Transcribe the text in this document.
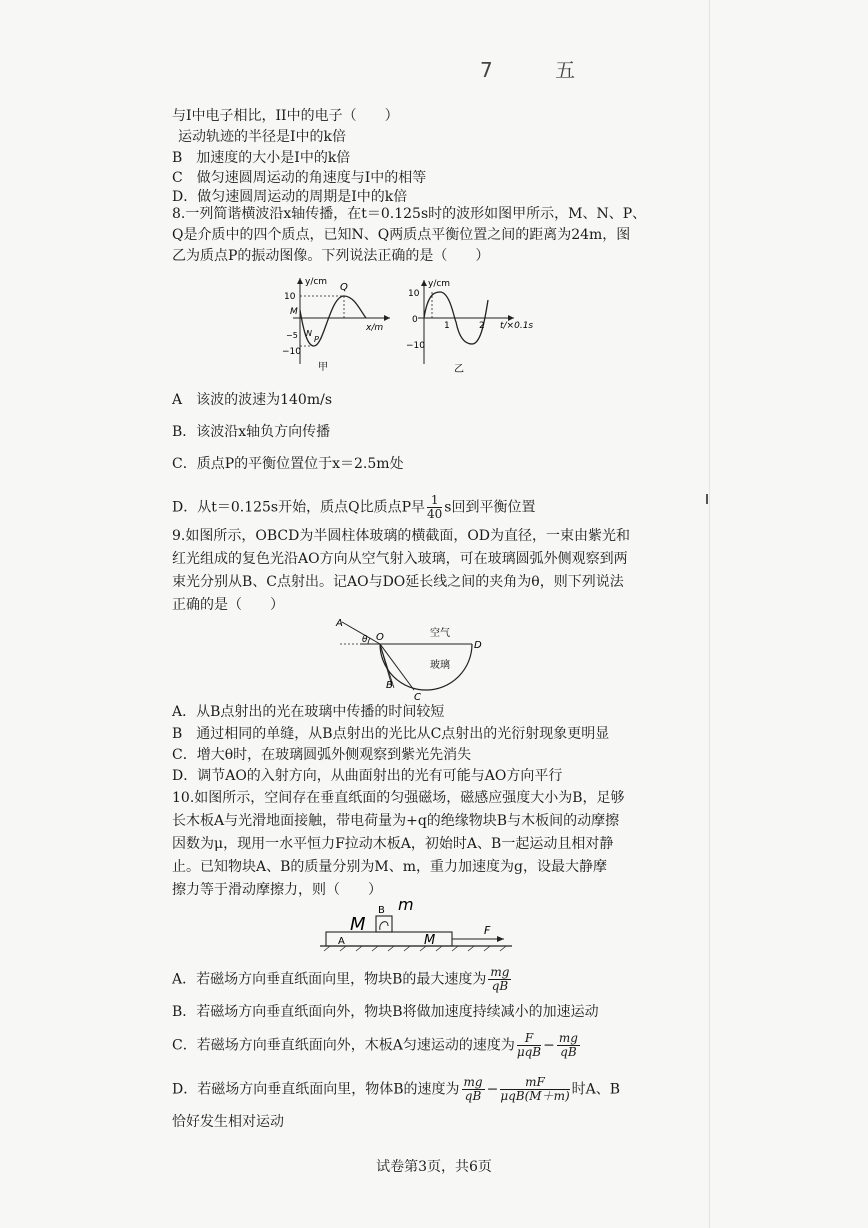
7 五
与I中电子相比，II中的电子（　　）
运动轨迹的半径是I中的k倍
B　加速度的大小是I中的k倍
C　做匀速圆周运动的角速度与I中的相等
D．做匀速圆周运动的周期是I中的k倍
8.一列简谐横波沿x轴传播，在t＝0.125s时的波形如图甲所示，M、N、P、
Q是介质中的四个质点，已知N、Q两质点平衡位置之间的距离为24m，图
乙为质点P的振动图像。下列说法正确的是（　　）
y/cm
x/m
10
−10
−5
M
N
P
Q
甲
y/cm
t/×0.1s
10
0
−10
1	2
乙
A　该波的波速为140m/s
B．该波沿x轴负方向传播
C．质点P的平衡位置位于x＝2.5m处
D．从t＝0.125s开始，质点Q比质点P早 $\frac{1}{40}$ s回到平衡位置
9.如图所示，OBCD为半圆柱体玻璃的横截面，OD为直径，一束由紫光和
红光组成的复色光沿AO方向从空气射入玻璃，可在玻璃圆弧外侧观察到两
束光分别从B、C点射出。记AO与DO延长线之间的夹角为θ，则下列说法
正确的是（　　）
A
O
θ
空气
D
玻璃
B
C
A．从B点射出的光在玻璃中传播的时间较短
B　通过相同的单缝，从B点射出的光比从C点射出的光衍射现象更明显
C．增大θ时，在玻璃圆弧外侧观察到紫光先消失
D．调节AO的入射方向，从曲面射出的光有可能与AO方向平行
10.如图所示，空间存在垂直纸面的匀强磁场，磁感应强度大小为B，足够
长木板A与光滑地面接触，带电荷量为+q的绝缘物块B与木板间的动摩擦
因数为μ，现用一水平恒力F拉动木板A，初始时A、B一起运动且相对静
止。已知物块A、B的质量分别为M、m，重力加速度为g，设最大静摩
擦力等于滑动摩擦力，则（　　）
A
B
F
M
m
M
A．若磁场方向垂直纸面向里，物块B的最大速度为 $\frac{mg}{qB}$
B．若磁场方向垂直纸面向外，物块B将做加速度持续减小的加速运动
C．若磁场方向垂直纸面向外，木板A匀速运动的速度为 $\frac{F}{\text{μqB}} - \frac{mg}{qB}$
D．若磁场方向垂直纸面向里，物体B的速度为 $\frac{mg}{qB} - \frac{mF}{\text{μqB(M＋m)}}$ 时A、B
恰好发生相对运动
试卷第3页，共6页
